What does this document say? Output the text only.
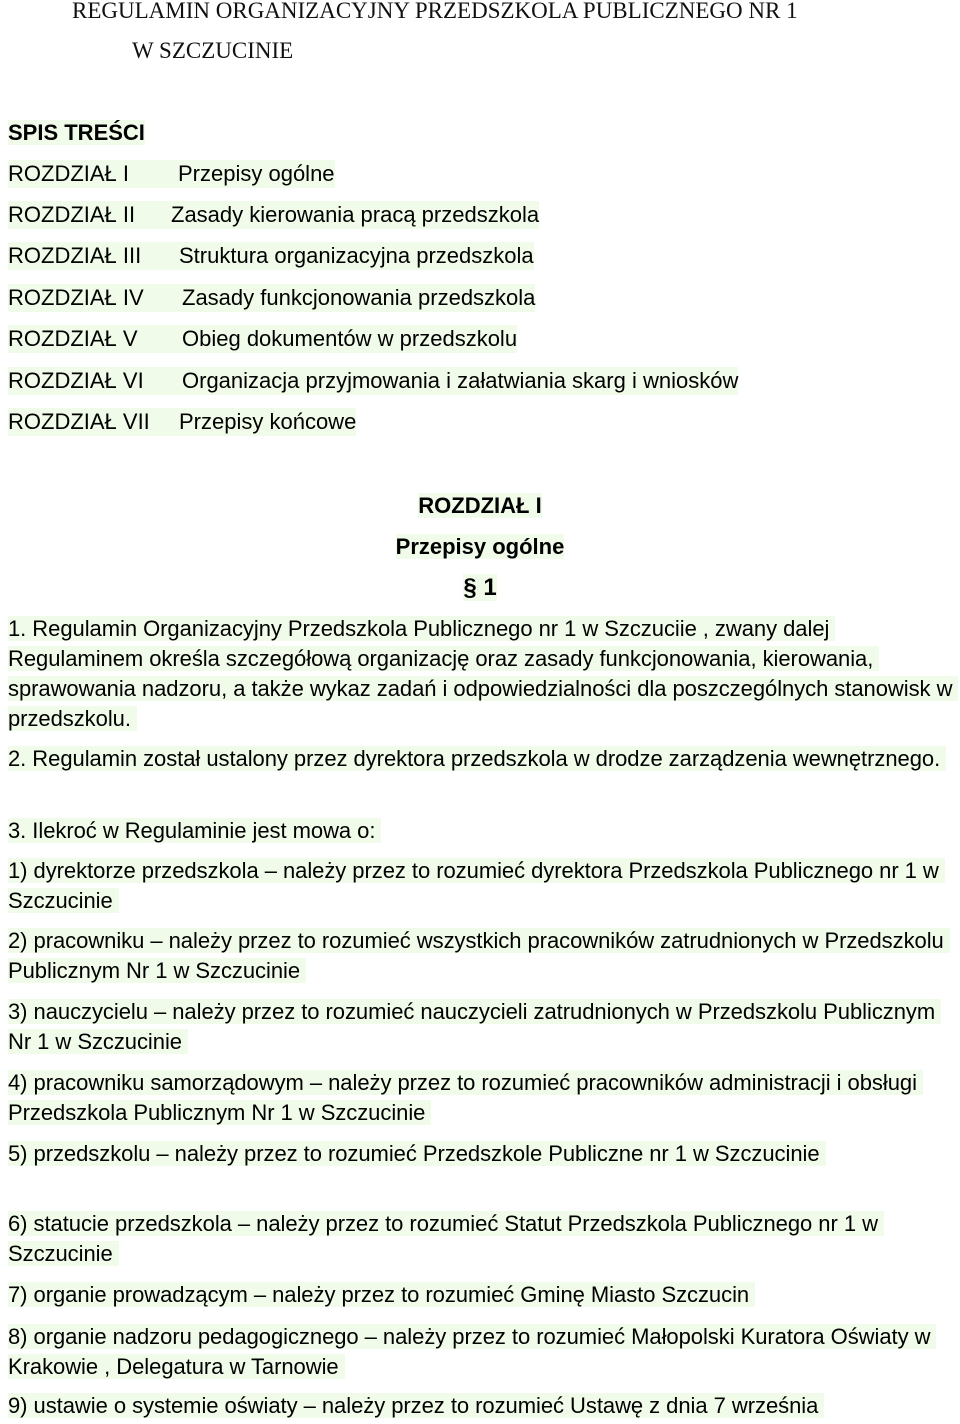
REGULAMIN ORGANIZACYJNY PRZEDSZKOLA PUBLICZNEGO NR 1
W SZCZUCINIE
SPIS TREŚCI
ROZDZIAŁ I	Przepisy ogólne
ROZDZIAŁ II	Zasady kierowania pracą przedszkola
ROZDZIAŁ III	Struktura organizacyjna przedszkola
ROZDZIAŁ IV	Zasady funkcjonowania przedszkola
ROZDZIAŁ V	Obieg dokumentów w przedszkolu
ROZDZIAŁ VI	Organizacja przyjmowania i załatwiania skarg i wniosków
ROZDZIAŁ VII	Przepisy końcowe
ROZDZIAŁ I
Przepisy ogólne
§ 1
1. Regulamin Organizacyjny Przedszkola Publicznego nr 1 w Szczuciie , zwany dalej Regulaminem określa szczegółową organizację oraz zasady funkcjonowania, kierowania, sprawowania nadzoru, a także wykaz zadań i odpowiedzialności dla poszczególnych stanowisk w przedszkolu.
2. Regulamin został ustalony przez dyrektora przedszkola w drodze zarządzenia wewnętrznego.
3. Ilekroć w Regulaminie jest mowa o:
1) dyrektorze przedszkola – należy przez to rozumieć dyrektora Przedszkola Publicznego nr 1 w Szczucinie
2) pracowniku – należy przez to rozumieć wszystkich pracowników zatrudnionych w Przedszkolu Publicznym Nr 1 w Szczucinie
3) nauczycielu – należy przez to rozumieć nauczycieli zatrudnionych w Przedszkolu Publicznym Nr 1 w Szczucinie
4) pracowniku samorządowym – należy przez to rozumieć pracowników administracji i obsługi Przedszkola Publicznym Nr 1 w Szczucinie
5) przedszkolu – należy przez to rozumieć Przedszkole Publiczne nr 1 w Szczucinie
6) statucie przedszkola – należy przez to rozumieć Statut Przedszkola Publicznego nr 1 w Szczucinie
7) organie prowadzącym – należy przez to rozumieć Gminę Miasto Szczucin
8) organie nadzoru pedagogicznego – należy przez to rozumieć Małopolski Kuratora Oświaty w Krakowie , Delegatura w Tarnowie
9) ustawie o systemie oświaty – należy przez to rozumieć Ustawę z dnia 7 września
